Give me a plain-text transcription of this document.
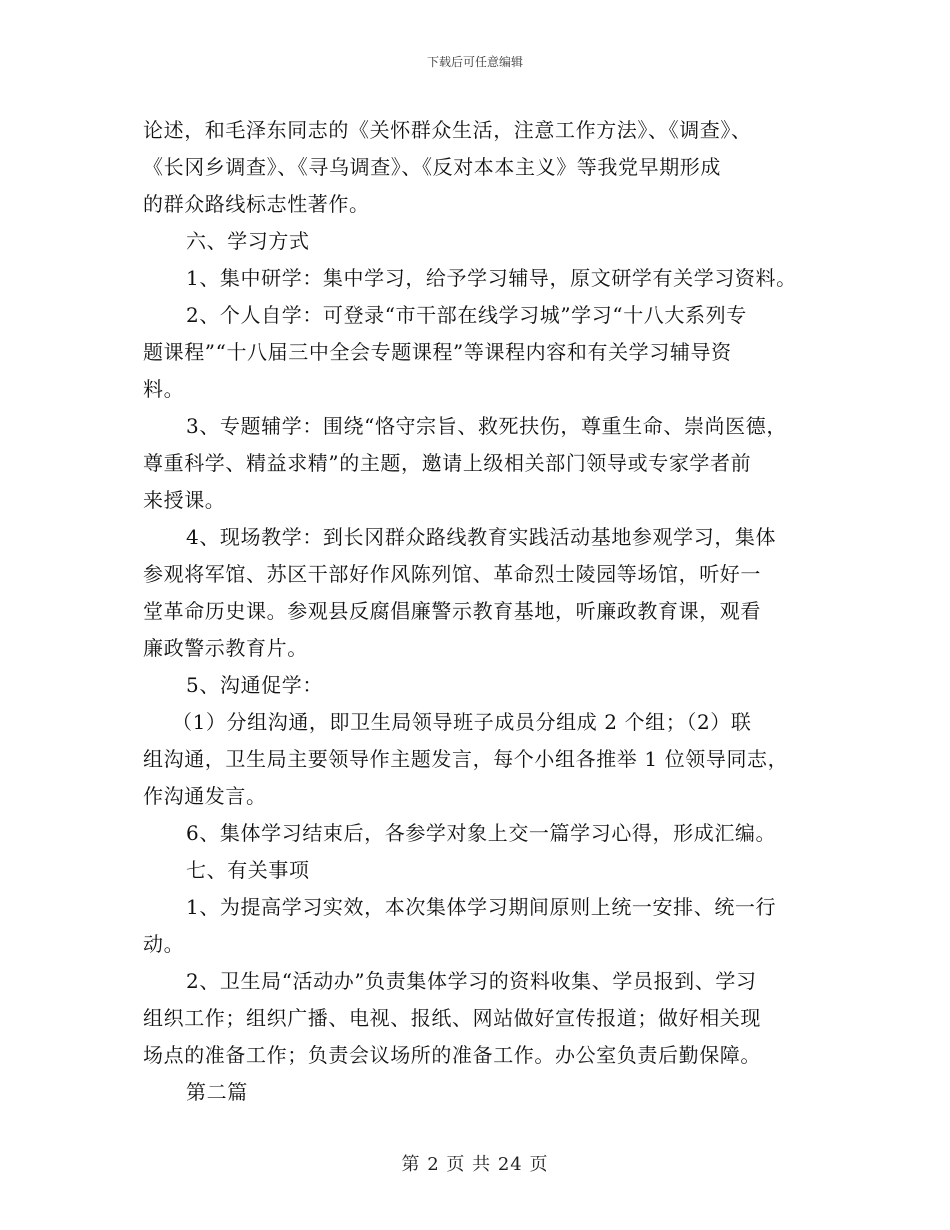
下载后可任意编辑
论述，和毛泽东同志的《关怀群众生活，注意工作方法》、《调查》、
《长冈乡调查》、《寻乌调查》、《反对本本主义》等我党早期形成
的群众路线标志性著作。
六、学习方式
1、集中研学：集中学习，给予学习辅导，原文研学有关学习资料。
2、个人自学：可登录“市干部在线学习城”学习“十八大系列专
题课程”“十八届三中全会专题课程”等课程内容和有关学习辅导资
料。
3、专题辅学：围绕“恪守宗旨、救死扶伤，尊重生命、崇尚医德，
尊重科学、精益求精”的主题，邀请上级相关部门领导或专家学者前
来授课。
4、现场教学：到长冈群众路线教育实践活动基地参观学习，集体
参观将军馆、苏区干部好作风陈列馆、革命烈士陵园等场馆，听好一
堂革命历史课。参观县反腐倡廉警示教育基地，听廉政教育课，观看
廉政警示教育片。
5、沟通促学：
（1）分组沟通，即卫生局领导班子成员分组成 2 个组；（2）联
组沟通，卫生局主要领导作主题发言，每个小组各推举 1 位领导同志，
作沟通发言。
6、集体学习结束后，各参学对象上交一篇学习心得，形成汇编。
七、有关事项
1、为提高学习实效，本次集体学习期间原则上统一安排、统一行
动。
2、卫生局“活动办”负责集体学习的资料收集、学员报到、学习
组织工作；组织广播、电视、报纸、网站做好宣传报道；做好相关现
场点的准备工作；负责会议场所的准备工作。办公室负责后勤保障。
第二篇
第 2 页 共 24 页
